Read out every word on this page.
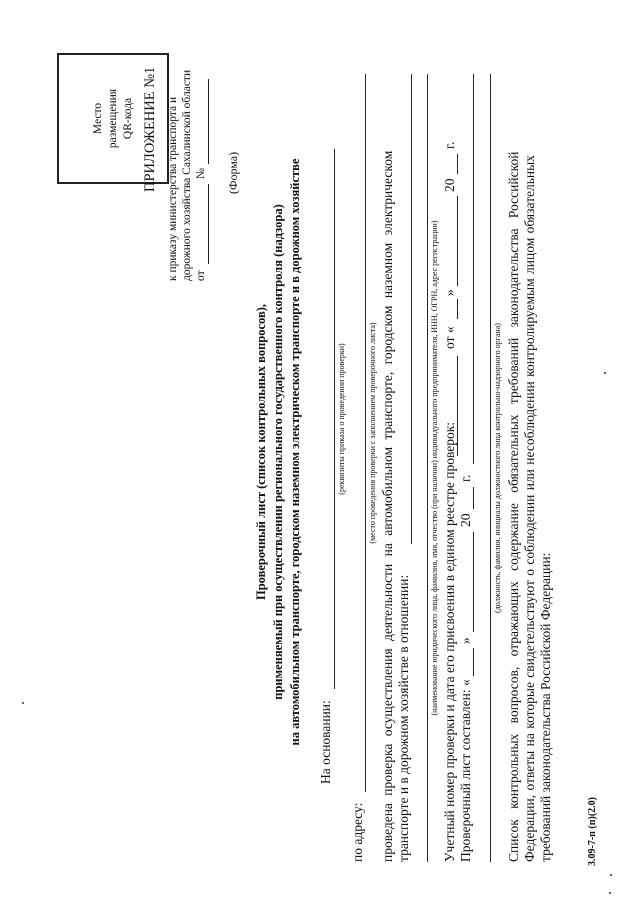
Место размещения QR-кода ПРИЛОЖЕНИЕ №1 к приказу министерства транспорта и дорожного хозяйства Сахалинской области от
№ (Форма)
Проверочный лист (список контрольных вопросов), применяемый при осуществлении регионального государственного контроля (надзора) на автомобильном транспорте, городском наземном электрическом транспорте и в дорожном хозяйстве На основании:
(реквизиты приказа о проведении проверки)
по адресу:
(место проведения проверки с заполнением проверочного листа) проведена проверка осуществления деятельности на автомобильном транспорте, городском наземном электрическом транспорте и в дорожном хозяйстве в отношении:
(наименование юридического лица, фамилия, имя, отчество (при наличии) индивидуального предпринимателя, ИНН, ОГРН, адрес регистрации) Учетный номер проверки и дата его присвоения в едином реестре проверок:
от «
»
20
г.
Проверочный лист составлен: «
»
20
г.	(должность, фамилия, инициалы должностного лица контрольно-надзорного органа) Список контрольных вопросов, отражающих содержание обязательных требований законодательства Российской Федерации, ответы на которые свидетельствуют о соблюдении или несоблюдении контролируемым лицом обязательных требований законодательства Российской Федерации:	3.09-7-п (п)(2.0)
